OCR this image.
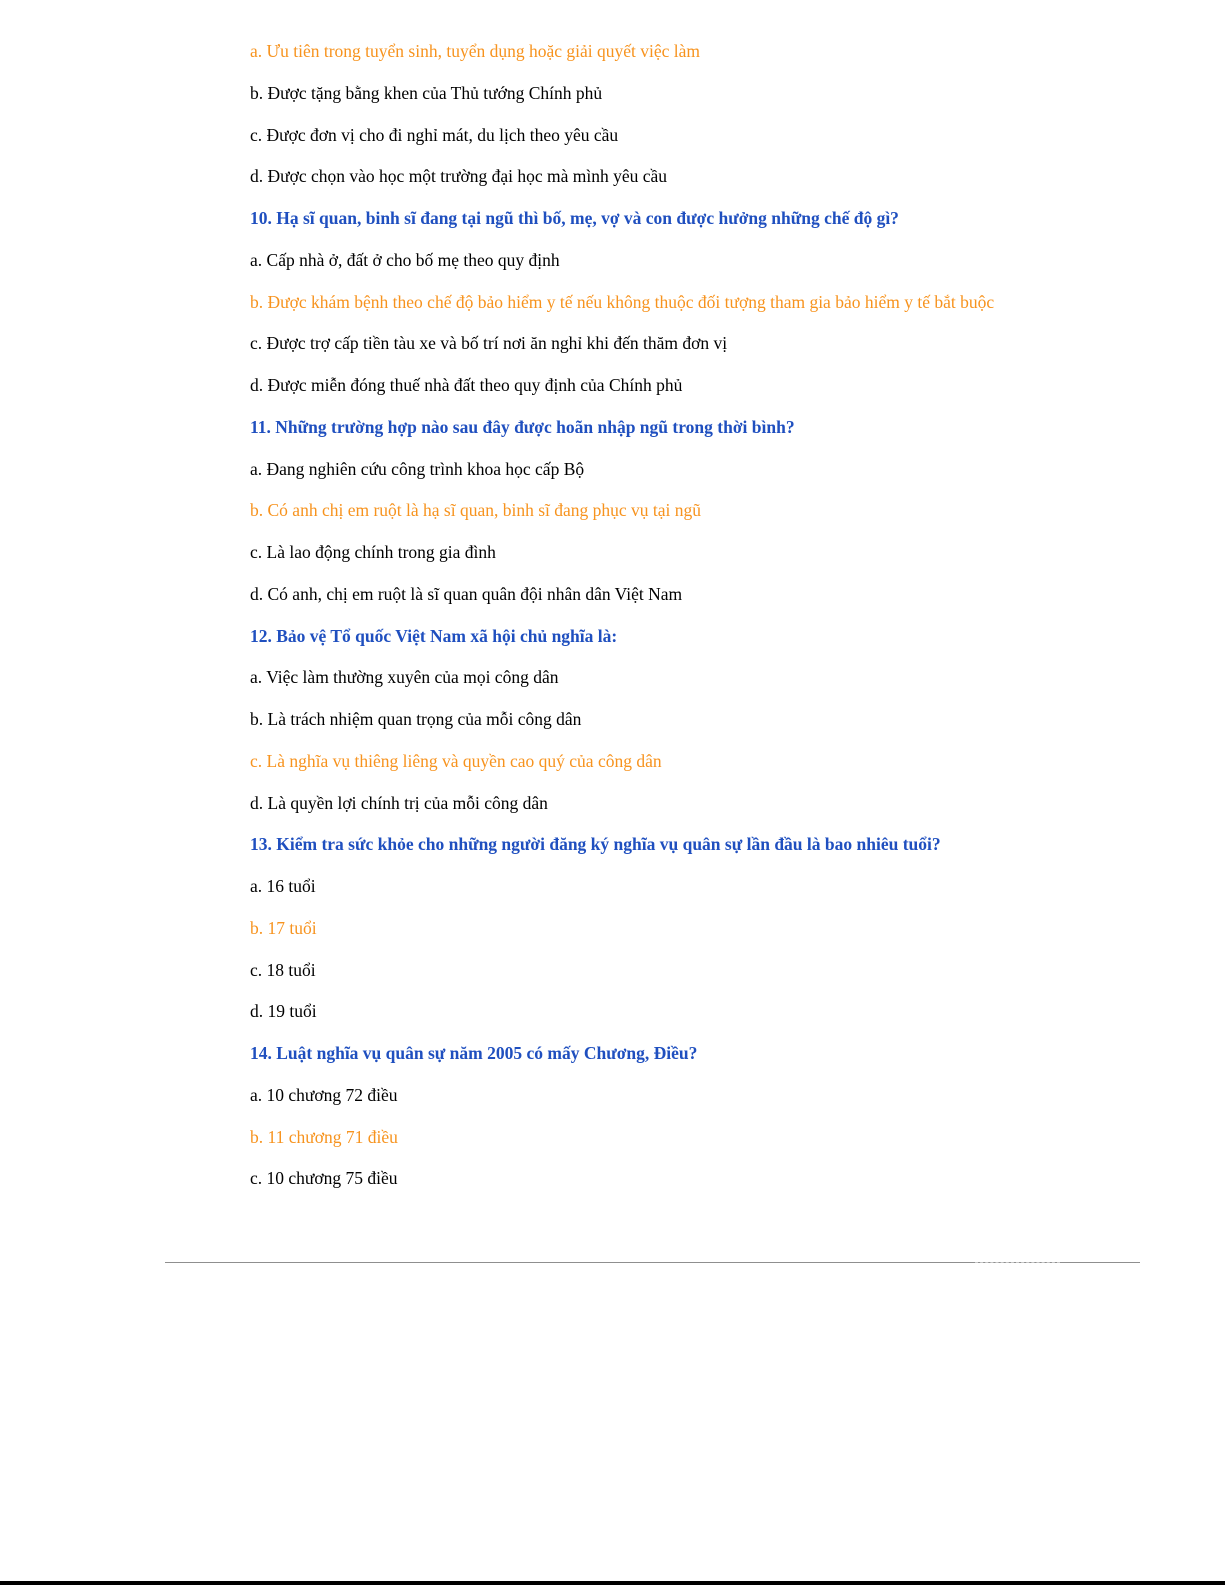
a. Ưu tiên trong tuyển sinh, tuyển dụng hoặc giải quyết việc làm
b. Được tặng bằng khen của Thủ tướng Chính phủ
c. Được đơn vị cho đi nghỉ mát, du lịch theo yêu cầu
d. Được chọn vào học một trường đại học mà mình yêu cầu
10. Hạ sĩ quan, binh sĩ đang tại ngũ thì bố, mẹ, vợ và con được hưởng những chế độ gì?
a. Cấp nhà ở, đất ở cho bố mẹ theo quy định
b. Được khám bệnh theo chế độ bảo hiểm y tế nếu không thuộc đối tượng tham gia bảo hiểm y tế bắt buộc
c. Được trợ cấp tiền tàu xe và bố trí nơi ăn nghỉ khi đến thăm đơn vị
d. Được miễn đóng thuế nhà đất theo quy định của Chính phủ
11. Những trường hợp nào sau đây được hoãn nhập ngũ trong thời bình?
a. Đang nghiên cứu công trình khoa học cấp Bộ
b. Có anh chị em ruột là hạ sĩ quan, binh sĩ đang phục vụ tại ngũ
c. Là lao động chính trong gia đình
d. Có anh, chị em ruột là sĩ quan quân đội nhân dân Việt Nam
12. Bảo vệ Tổ quốc Việt Nam xã hội chủ nghĩa là:
a. Việc làm thường xuyên của mọi công dân
b. Là trách nhiệm quan trọng của mỗi công dân
c. Là nghĩa vụ thiêng liêng và quyền cao quý của công dân
d. Là quyền lợi chính trị của mỗi công dân
13. Kiểm tra sức khỏe cho những người đăng ký nghĩa vụ quân sự lần đầu là bao nhiêu tuổi?
a. 16 tuổi
b. 17 tuổi
c. 18 tuổi
d. 19 tuổi
14. Luật nghĩa vụ quân sự năm 2005 có mấy Chương, Điều?
a. 10 chương 72 điều
b. 11 chương 71 điều
c. 10 chương 75 điều
